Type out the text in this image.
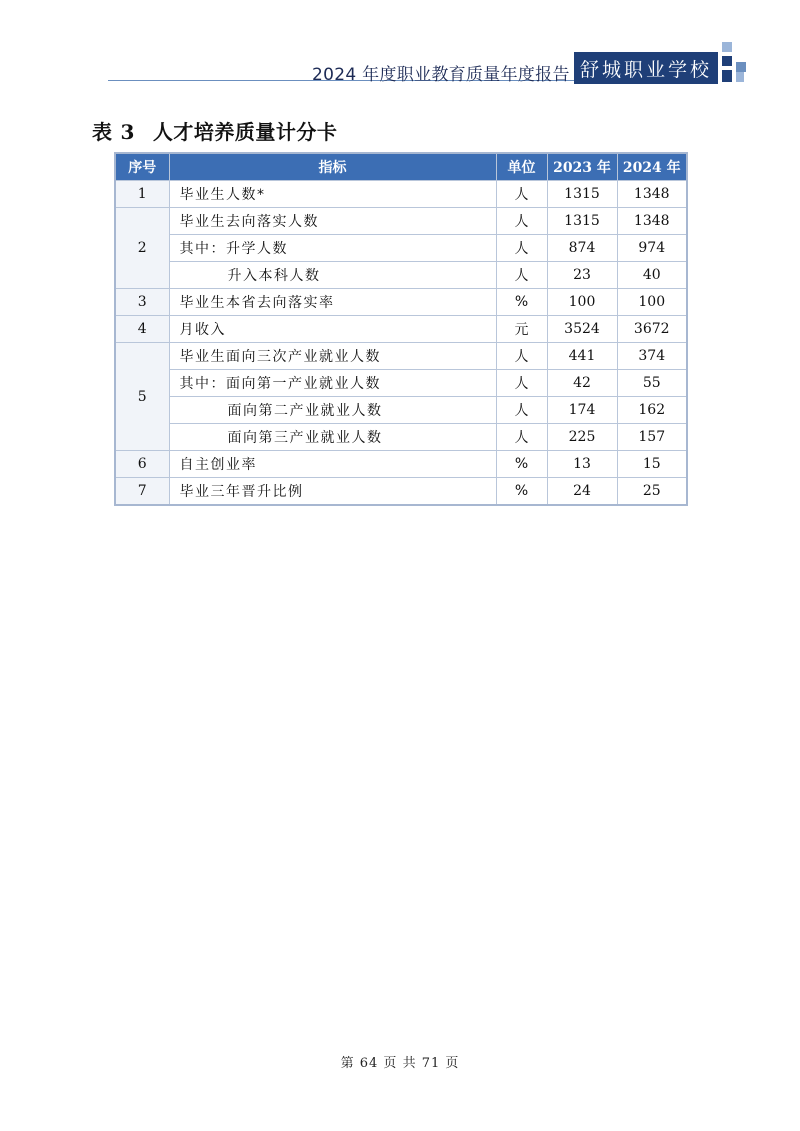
2024 年度职业教育质量年度报告 舒城职业学校
表 3 人才培养质量计分卡
序号	指标	单位	2023 年	2024 年
1	毕业生人数*	人	1315	1348
2	毕业生去向落实人数	人	1315	1348
	其中：升学人数	人	874	974
	升入本科人数	人	23	40
3	毕业生本省去向落实率	%	100	100
4	月收入	元	3524	3672
5	毕业生面向三次产业就业人数	人	441	374
	其中：面向第一产业就业人数	人	42	55
	面向第二产业就业人数	人	174	162
	面向第三产业就业人数	人	225	157
6	自主创业率	%	13	15
7	毕业三年晋升比例	%	24	25
第 64 页 共 71 页
